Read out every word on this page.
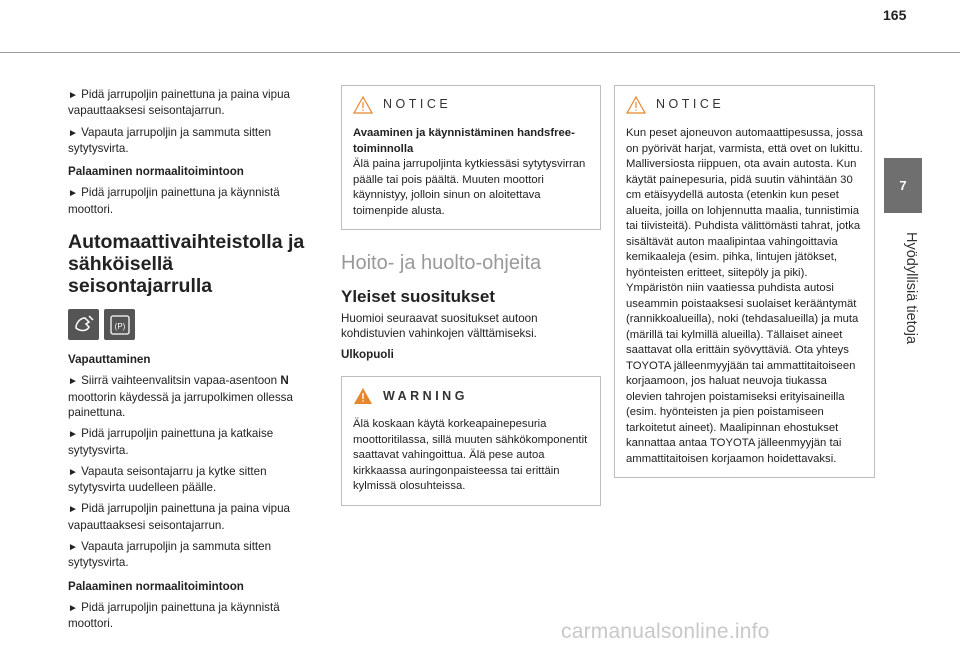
165
7
Hyödyllisiä tietoja

► Pidä jarrupoljin painettuna ja paina vipua vapauttaaksesi seisontajarrun.

► Vapauta jarrupoljin ja sammuta sitten sytytysvirta.

Palaaminen normaalitoimintoon

► Pidä jarrupoljin painettuna ja käynnistä moottori.

Automaattivaihteistolla ja sähköisellä seisontajarrulla
(P)

Vapauttaminen

► Siirrä vaihteenvalitsin vapaa-asentoon N moottorin käydessä ja jarrupolkimen ollessa painettuna.

► Pidä jarrupoljin painettuna ja katkaise sytytysvirta.

► Vapauta seisontajarru ja kytke sitten sytytysvirta uudelleen päälle.

► Pidä jarrupoljin painettuna ja paina vipua vapauttaaksesi seisontajarrun.

► Vapauta jarrupoljin ja sammuta sitten sytytysvirta.

Palaaminen normaalitoimintoon

► Pidä jarrupoljin painettuna ja käynnistä moottori.

NOTICE
Avaaminen ja käynnistäminen handsfree-toiminnolla
Älä paina jarrupoljinta kytkiessäsi sytytysvirran päälle tai pois päältä. Muuten moottori käynnistyy, jolloin sinun on aloitettava toimenpide alusta.
Hoito- ja huolto-ohjeita
Yleiset suositukset

Huomioi seuraavat suositukset autoon kohdistuvien vahinkojen välttämiseksi.

Ulkopuoli

WARNING
Älä koskaan käytä korkeapainepesuria moottoritilassa, sillä muuten sähkökomponentit saattavat vahingoittua. Älä pese autoa kirkkaassa auringonpaisteessa tai erittäin kylmissä olosuhteissa.
NOTICE
Kun peset ajoneuvon automaattipesussa, jossa on pyörivät harjat, varmista, että ovet on lukittu. Malliversiosta riippuen, ota avain autosta. Kun käytät painepesuria, pidä suutin vähintään 30 cm etäisyydellä autosta (etenkin kun peset alueita, joilla on lohjennutta maalia, tunnistimia tai tiivisteitä). Puhdista välittömästi tahrat, jotka sisältävät auton maalipintaa vahingoittavia kemikaaleja (esim. pihka, lintujen jätökset, hyönteisten eritteet, siitepöly ja piki). Ympäristön niin vaatiessa puhdista autosi useammin poistaaksesi suolaiset kerääntymät (rannikkoalueilla), noki (tehdasalueilla) ja muta (märillä tai kylmillä alueilla). Tällaiset aineet saattavat olla erittäin syövyttäviä. Ota yhteys TOYOTA jälleenmyyjään tai ammattitaitoiseen korjaamoon, jos haluat neuvoja tiukassa olevien tahrojen poistamiseksi erityisaineilla (esim. hyönteisten ja pien poistamiseen tarkoitetut aineet). Maalipinnan ehostukset kannattaa antaa TOYOTA jälleenmyyjän tai ammattitaitoisen korjaamon hoidettavaksi.
carmanualsonline.info
